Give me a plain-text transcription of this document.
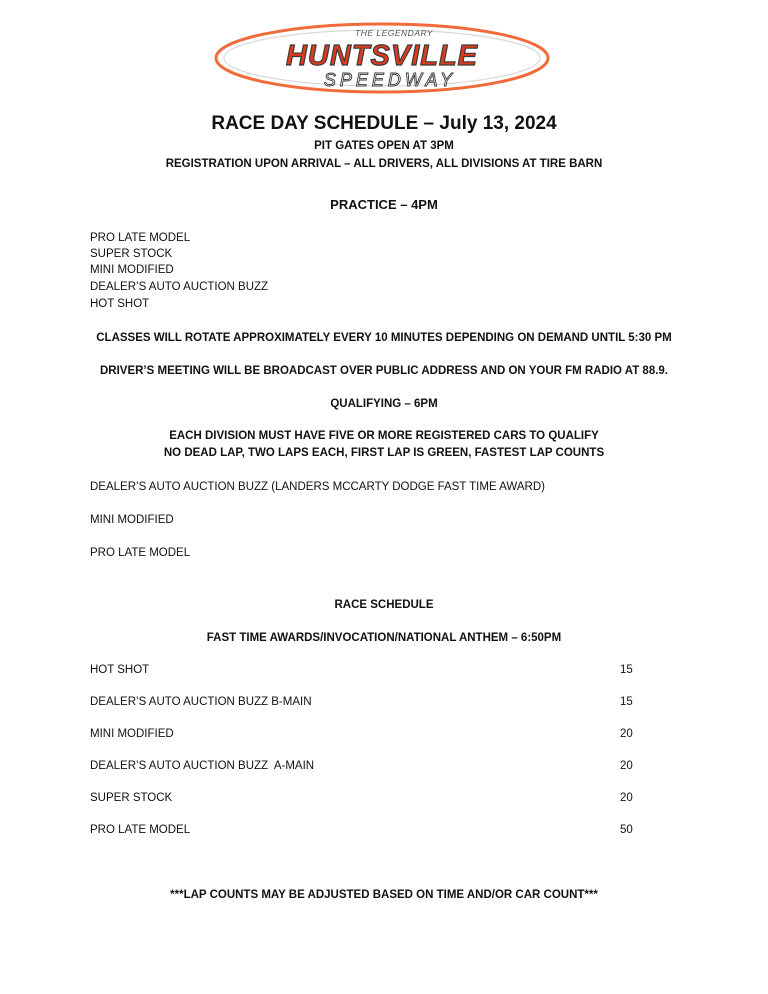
THE LEGENDARY
HUNTSVILLE
SPEEDWAY
RACE DAY SCHEDULE – July 13, 2024
PIT GATES OPEN AT 3PM
REGISTRATION UPON ARRIVAL – ALL DRIVERS, ALL DIVISIONS AT TIRE BARN
PRACTICE – 4PM
PRO LATE MODEL
SUPER STOCK
MINI MODIFIED
DEALER’S AUTO AUCTION BUZZ
HOT SHOT
CLASSES WILL ROTATE APPROXIMATELY EVERY 10 MINUTES DEPENDING ON DEMAND UNTIL 5:30 PM
DRIVER’S MEETING WILL BE BROADCAST OVER PUBLIC ADDRESS AND ON YOUR FM RADIO AT 88.9.
QUALIFYING – 6PM
EACH DIVISION MUST HAVE FIVE OR MORE REGISTERED CARS TO QUALIFY
NO DEAD LAP, TWO LAPS EACH, FIRST LAP IS GREEN, FASTEST LAP COUNTS
DEALER’S AUTO AUCTION BUZZ (LANDERS MCCARTY DODGE FAST TIME AWARD)
MINI MODIFIED
PRO LATE MODEL
RACE SCHEDULE
FAST TIME AWARDS/INVOCATION/NATIONAL ANTHEM – 6:50PM
HOT SHOT	15
DEALER’S AUTO AUCTION BUZZ B-MAIN	15
MINI MODIFIED	20
DEALER’S AUTO AUCTION BUZZ  A-MAIN	20
SUPER STOCK	20
PRO LATE MODEL	50
***LAP COUNTS MAY BE ADJUSTED BASED ON TIME AND/OR CAR COUNT***
